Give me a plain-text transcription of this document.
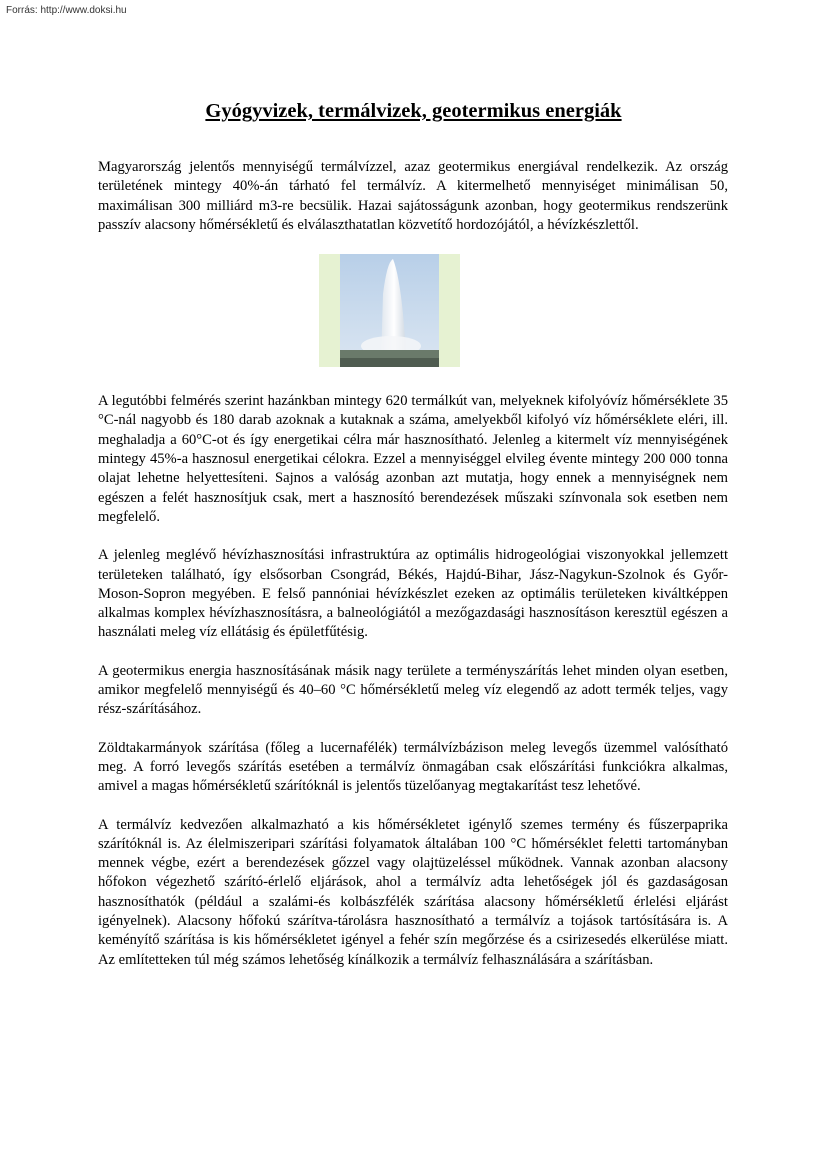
Forrás: http://www.doksi.hu
Gyógyvizek, termálvizek, geotermikus energiák

Magyarország jelentős mennyiségű termálvízzel, azaz geotermikus energiával rendelkezik. Az ország területének mintegy 40%-án tárható fel termálvíz. A kitermelhető mennyiséget minimálisan 50, maximálisan 300 milliárd m3-re becsülik. Hazai sajátosságunk azonban, hogy geotermikus rendszerünk passzív alacsony hőmérsékletű és elválaszthatatlan közvetítő hordozójától, a hévízkészlettől.

A legutóbbi felmérés szerint hazánkban mintegy 620 termálkút van, melyeknek kifolyóvíz hőmérséklete 35 °C-nál nagyobb és 180 darab azoknak a kutaknak a száma, amelyekből kifolyó víz hőmérséklete eléri, ill. meghaladja a 60°C-ot és így energetikai célra már hasznosítható. Jelenleg a kitermelt víz mennyiségének mintegy 45%-a hasznosul energetikai célokra. Ezzel a mennyiséggel elvileg évente mintegy 200 000 tonna olajat lehetne helyettesíteni. Sajnos a valóság azonban azt mutatja, hogy ennek a mennyiségnek nem egészen a felét hasznosítjuk csak, mert a hasznosító berendezések műszaki színvonala sok esetben nem megfelelő.

A jelenleg meglévő hévízhasznosítási infrastruktúra az optimális hidrogeológiai viszonyokkal jellemzett területeken található, így elsősorban Csongrád, Békés, Hajdú-Bihar, Jász-Nagykun-Szolnok és Győr-Moson-Sopron megyében. E felső pannóniai hévízkészlet ezeken az optimális területeken kiváltképpen alkalmas komplex hévízhasznosításra, a balneológiától a mezőgazdasági hasznosításon keresztül egészen a használati meleg víz ellátásig és épületfűtésig.

A geotermikus energia hasznosításának másik nagy területe a terményszárítás lehet minden olyan esetben, amikor megfelelő mennyiségű és 40–60 °C hőmérsékletű meleg víz elegendő az adott termék teljes, vagy rész-szárításához.

Zöldtakarmányok szárítása (főleg a lucernafélék) termálvízbázison meleg levegős üzemmel valósítható meg. A forró levegős szárítás esetében a termálvíz önmagában csak előszárítási funkciókra alkalmas, amivel a magas hőmérsékletű szárítóknál is jelentős tüzelőanyag megtakarítást tesz lehetővé.

A termálvíz kedvezően alkalmazható a kis hőmérsékletet igénylő szemes termény és fűszerpaprika szárítóknál is. Az élelmiszeripari szárítási folyamatok általában 100 °C hőmérséklet feletti tartományban mennek végbe, ezért a berendezések gőzzel vagy olajtüzeléssel működnek. Vannak azonban alacsony hőfokon végezhető szárító-érlelő eljárások, ahol a termálvíz adta lehetőségek jól és gazdaságosan hasznosíthatók (például a szalámi-és kolbászfélék szárítása alacsony hőmérsékletű érlelési eljárást igényelnek). Alacsony hőfokú szárítva-tárolásra hasznosítható a termálvíz a tojások tartósítására is. A keményítő szárítása is kis hőmérsékletet igényel a fehér szín megőrzése és a csirizesedés elkerülése miatt. Az említetteken túl még számos lehetőség kínálkozik a termálvíz felhasználására a szárításban.
